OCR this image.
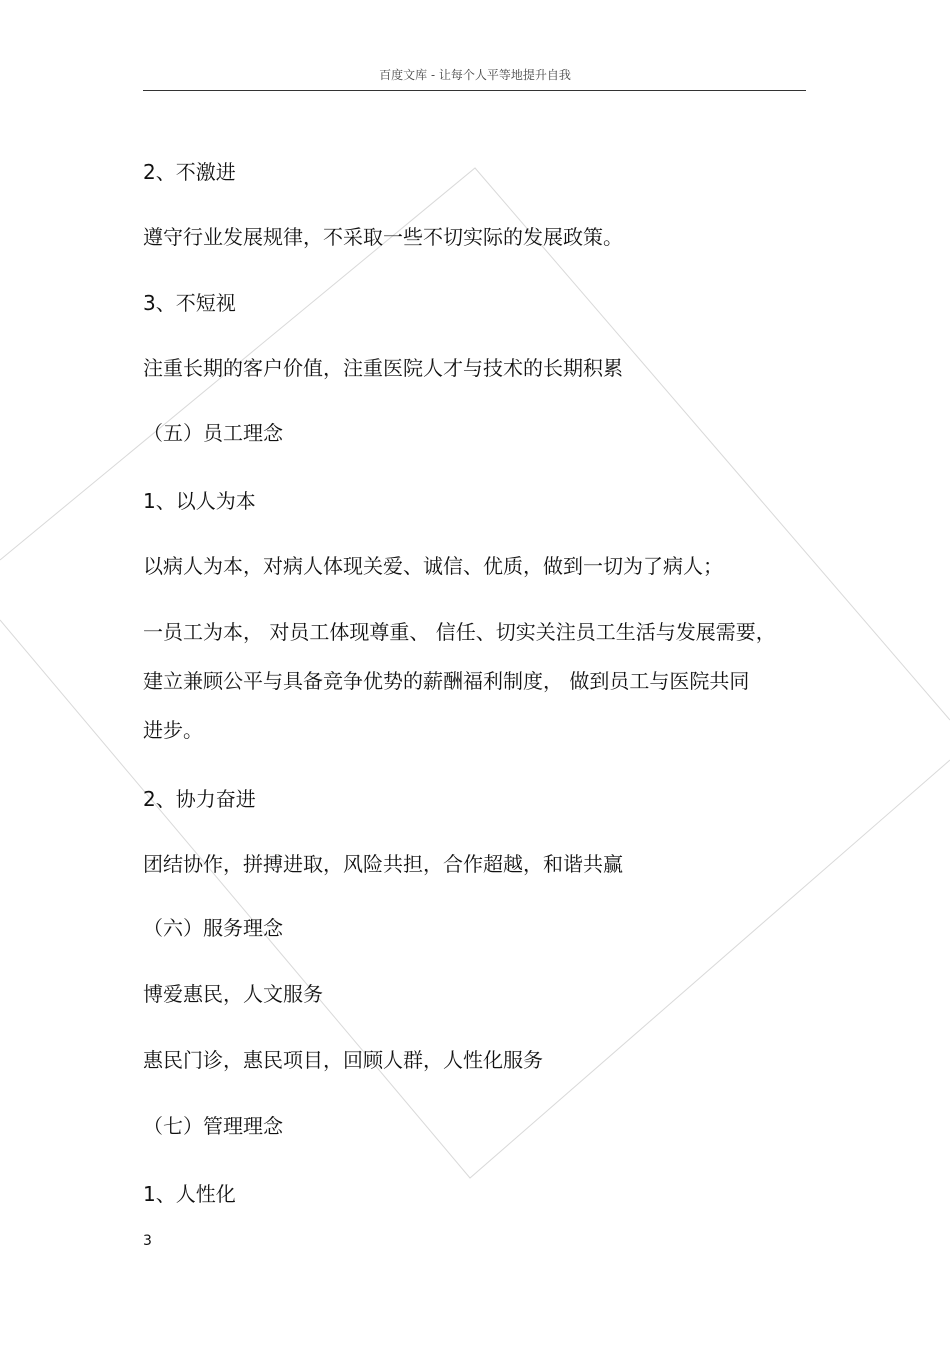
百度文库 - 让每个人平等地提升自我
2、不激进
遵守行业发展规律，不采取一些不切实际的发展政策。
3、不短视
注重长期的客户价值，注重医院人才与技术的长期积累
（五）员工理念
1、以人为本
以病人为本，对病人体现关爱、诚信、优质，做到一切为了病人；
一员工为本， 对员工体现尊重、 信任、切实关注员工生活与发展需要，
建立兼顾公平与具备竞争优势的薪酬福利制度， 做到员工与医院共同
进步。
2、协力奋进
团结协作，拼搏进取，风险共担，合作超越，和谐共赢
（六）服务理念
博爱惠民，人文服务
惠民门诊，惠民项目，回顾人群，人性化服务
（七）管理理念
1、人性化
3
